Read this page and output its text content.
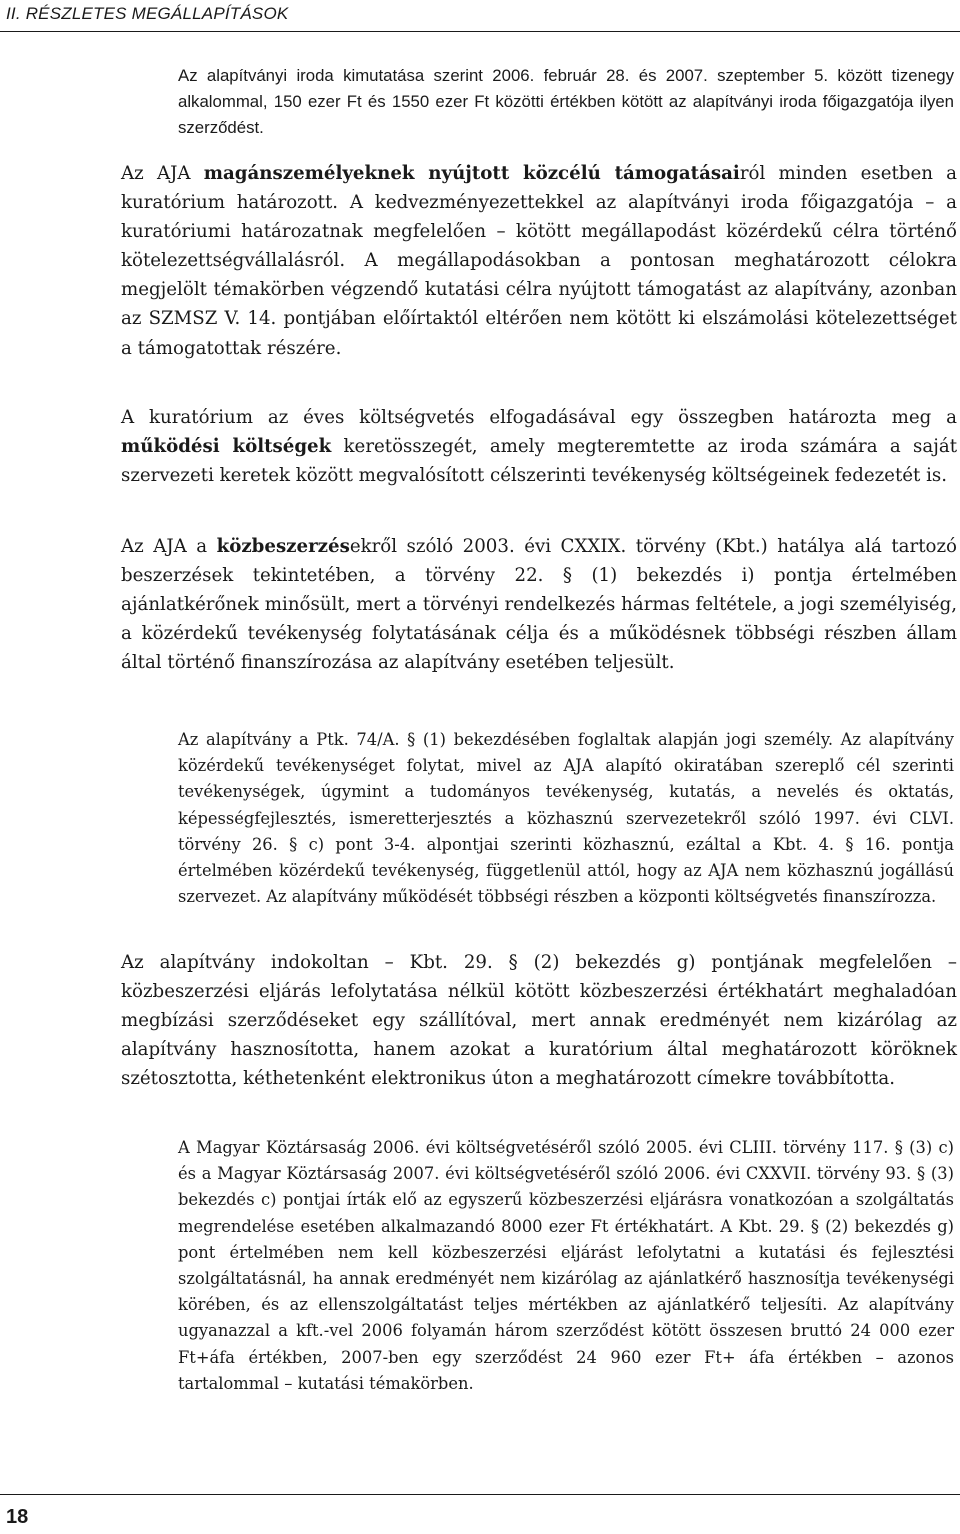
II. RÉSZLETES MEGÁLLAPÍTÁSOK

Az alapítványi iroda kimutatása szerint 2006. február 28. és 2007. szeptember 5. között tizenegy alkalommal, 150 ezer Ft és 1550 ezer Ft közötti értékben kötött az alapítványi iroda főigazgatója ilyen szerződést.

Az AJA magánszemélyeknek nyújtott közcélú támogatásairól minden esetben a kuratórium határozott. A kedvezményezettekkel az alapítványi iroda főigazgatója – a kuratóriumi határozatnak megfelelően – kötött megállapodást közérdekű célra történő kötelezettségvállalásról. A megállapodásokban a pontosan meghatározott célokra megjelölt témakörben végzendő kutatási célra nyújtott támogatást az alapítvány, azonban az SZMSZ V. 14. pontjában előírtaktól eltérően nem kötött ki elszámolási kötelezettséget a támogatottak részére.

A kuratórium az éves költségvetés elfogadásával egy összegben határozta meg a működési költségek keretösszegét, amely megteremtette az iroda számára a saját szervezeti keretek között megvalósított célszerinti tevékenység költségeinek fedezetét is.

Az AJA a közbeszerzésekről szóló 2003. évi CXXIX. törvény (Kbt.) hatálya alá tartozó beszerzések tekintetében, a törvény 22. § (1) bekezdés i) pontja értelmében ajánlatkérőnek minősült, mert a törvényi rendelkezés hármas feltétele, a jogi személyiség, a közérdekű tevékenység folytatásának célja és a működésnek többségi részben állam által történő finanszírozása az alapítvány esetében teljesült.

Az alapítvány a Ptk. 74/A. § (1) bekezdésében foglaltak alapján jogi személy. Az alapítvány közérdekű tevékenységet folytat, mivel az AJA alapító okiratában szereplő cél szerinti tevékenységek, úgymint a tudományos tevékenység, kutatás, a nevelés és oktatás, képességfejlesztés, ismeretterjesztés a közhasznú szervezetekről szóló 1997. évi CLVI. törvény 26. § c) pont 3-4. alpontjai szerinti közhasznú, ezáltal a Kbt. 4. § 16. pontja értelmében közérdekű tevékenység, függetlenül attól, hogy az AJA nem közhasznú jogállású szervezet. Az alapítvány működését többségi részben a központi költségvetés finanszírozza.

Az alapítvány indokoltan – Kbt. 29. § (2) bekezdés g) pontjának megfelelően – közbeszerzési eljárás lefolytatása nélkül kötött közbeszerzési értékhatárt meghaladóan megbízási szerződéseket egy szállítóval, mert annak eredményét nem kizárólag az alapítvány hasznosította, hanem azokat a kuratórium által meghatározott köröknek szétosztotta, kéthetenként elektronikus úton a meghatározott címekre továbbította.

A Magyar Köztársaság 2006. évi költségvetéséről szóló 2005. évi CLIII. törvény 117. § (3) c) és a Magyar Köztársaság 2007. évi költségvetéséről szóló 2006. évi CXXVII. törvény 93. § (3) bekezdés c) pontjai írták elő az egyszerű közbeszerzési eljárásra vonatkozóan a szolgáltatás megrendelése esetében alkalmazandó 8000 ezer Ft értékhatárt. A Kbt. 29. § (2) bekezdés g) pont értelmében nem kell közbeszerzési eljárást lefolytatni a kutatási és fejlesztési szolgáltatásnál, ha annak eredményét nem kizárólag az ajánlatkérő hasznosítja tevékenységi körében, és az ellenszolgáltatást teljes mértékben az ajánlatkérő teljesíti. Az alapítvány ugyanazzal a kft.-vel 2006 folyamán három szerződést kötött összesen bruttó 24 000 ezer Ft+áfa értékben, 2007-ben egy szerződést 24 960 ezer Ft+ áfa értékben – azonos tartalommal – kutatási témakörben.

18
